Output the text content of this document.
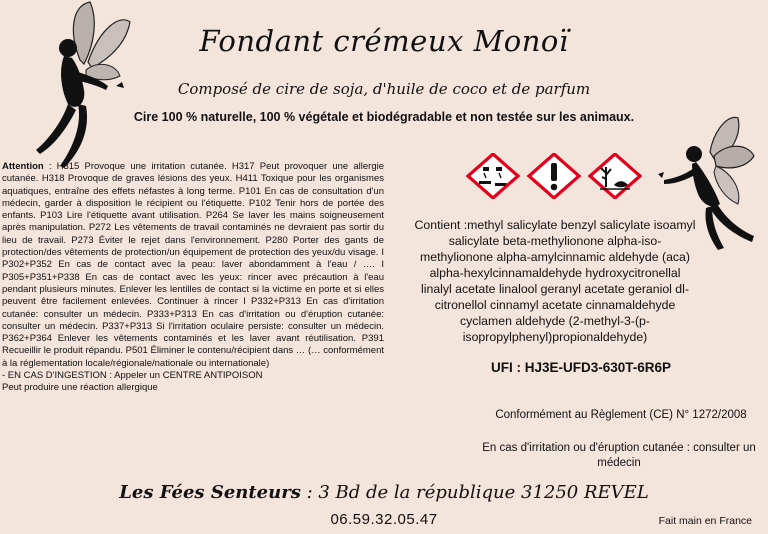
Fondant crémeux Monoï
Composé de cire de soja, d'huile de coco et de parfum
Cire 100 % naturelle, 100 % végétale et biodégradable et non testée sur les animaux.
Attention : H315 Provoque une irritation cutanée. H317 Peut provoquer une allergie cutanée. H318 Provoque de graves lésions des yeux. H411 Toxique pour les organismes aquatiques, entraîne des effets néfastes à long terme. P101 En cas de consultation d'un médecin, garder à disposition le récipient ou l'étiquette. P102 Tenir hors de portée des enfants. P103 Lire l'étiquette avant utilisation. P264 Se laver les mains soigneusement après manipulation. P272 Les vêtements de travail contaminés ne devraient pas sortir du lieu de travail. P273 Éviter le rejet dans l'environnement. P280 Porter des gants de protection/des vêtements de protection/un équipement de protection des yeux/du visage. I P302+P352 En cas de contact avec la peau: laver abondamment à l'eau / …. I P305+P351+P338 En cas de contact avec les yeux: rincer avec précaution à l'eau pendant plusieurs minutes. Enlever les lentilles de contact si la victime en porte et si elles peuvent être facilement enlevées. Continuer à rincer I P332+P313 En cas d'irritation cutanée: consulter un médecin. P333+P313 En cas d'irritation ou d'éruption cutanée: consulter un médecin. P337+P313 Si l'irritation oculaire persiste: consulter un médecin. P362+P364 Enlever les vêtements contaminés et les laver avant réutilisation. P391 Recueillir le produit répandu. P501 Éliminer le contenu/récipient dans … (… conformément à la réglementation locale/régionale/nationale ou internationale)
- EN CAS D'INGESTION : Appeler un CENTRE ANTIPOISON
Peut produire une réaction allergique
Contient :methyl salicylate benzyl salicylate isoamyl salicylate beta-methylionone alpha-iso-methylionone alpha-amylcinnamic aldehyde (aca) alpha-hexylcinnamaldehyde hydroxycitronellal linalyl acetate linalool geranyl acetate geraniol dl-citronellol cinnamyl acetate cinnamaldehyde cyclamen aldehyde (2-methyl-3-(p-isopropylphenyl)propionaldehyde)
UFI : HJ3E-UFD3-630T-6R6P
Conformément au Règlement (CE) N° 1272/2008
En cas d'irritation ou d'éruption cutanée : consulter un médecin
Les Fées Senteurs : 3 Bd de la république 31250 REVEL
06.59.32.05.47	Fait main en France
